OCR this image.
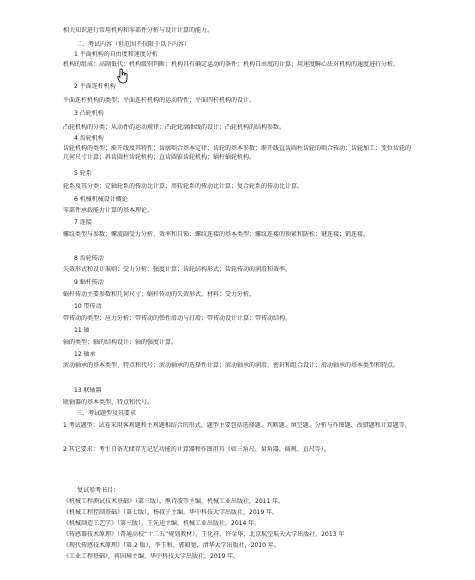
相关知识进行常用机构和零部件分析与设计计算的能力。
二、考试内容（但范围不仅限于以下内容）
1 平面机构的自由度和速度分析
机构的组成：高副低代；机构级别判断；机构具有确定运动的条件；机构自由度的计算；用速度瞬心法对机构的速度进行分析。
2 平面连杆机构
平面连杆机构的类型；平面连杆机构的运动特性；平面四杆机构的设计。
3 凸轮机构
凸轮机构的分类；从动件的运动规律；凸轮轮廓曲线的设计；凸轮机构的结构参数。
4 齿轮机构
齿轮机构的类型；渐开线及其特性；齿廓啮合基本定律；齿轮的基本参数；渐开线直齿圆柱齿轮的啮合传动；齿轮加工；变位齿轮的几何尺寸计算；斜齿圆柱齿轮机构；直齿圆锥齿轮机构；蜗杆蜗轮机构。
5 轮系
轮系及其分类；定轴轮系的传动比计算；周转轮系的传动比计算；复合轮系的传动比计算。
6 机械机械设计概论
零部件承载能力计算的基本理论。
7 连接
螺纹类型与参数；螺旋副受力分析、效率和自锁；螺纹连接的基本类型；螺纹连接的预紧和防松；键连接；销连接。
8 齿轮传动
失效形式和设计准则；受力分析；强度计算；齿轮结构形式；齿轮传动的润滑和效率。
9 蜗杆传动
蜗杆传动主要参数和几何尺寸；蜗杆传动的失效形式、材料；受力分析。
10 带传动
带传动的类型；应力分析；带传动的弹性滑动与打滑；带传动设计计算；带传动结构。
11 轴
轴的类型；轴的结构设计；轴的强度计算。
12 轴承
滚动轴承的基本类型、特点和代号；滚动轴承的选择性计算；滚动轴承的润滑、密封和组合设计；滑动轴承的基本类型和特点。
13 联轴器
联轴器的基本类型、特点和代号。
三、考试题型及其要求
1 考试题型：试卷采用客观题和主观题相结合的形式，题型主要包括选择题、判断题、填空题、分析与作图题、改错题和计算题等。
2 其它要求：考生自备无储存无记忆功能的计算器和作图用具（如三角尺、量角器、圆规、直尺等）。
复试参考书目：
《机械工程测试技术基础》（第三版），熊诗波等主编，机械工业出版社，2011 年。
《机械工程控制基础》（第七版），杨叔子主编，华中科技大学出版社，2019 年。
《机械制造工艺学》（第三版），王先逵主编，机械工业出版社，2014 年。
《传感器技术原理》（普通高校“十二五”规划教材），王化祥，许金华，北京航空航天大学出版社，2013 年
《现代传感技术原理》（第 2 版），李玉和、郭殿宽，清华大学出版社，2010 年。
《工业工程基础》，蒋国璋主编，华中科技大学出版社，2019 年。
